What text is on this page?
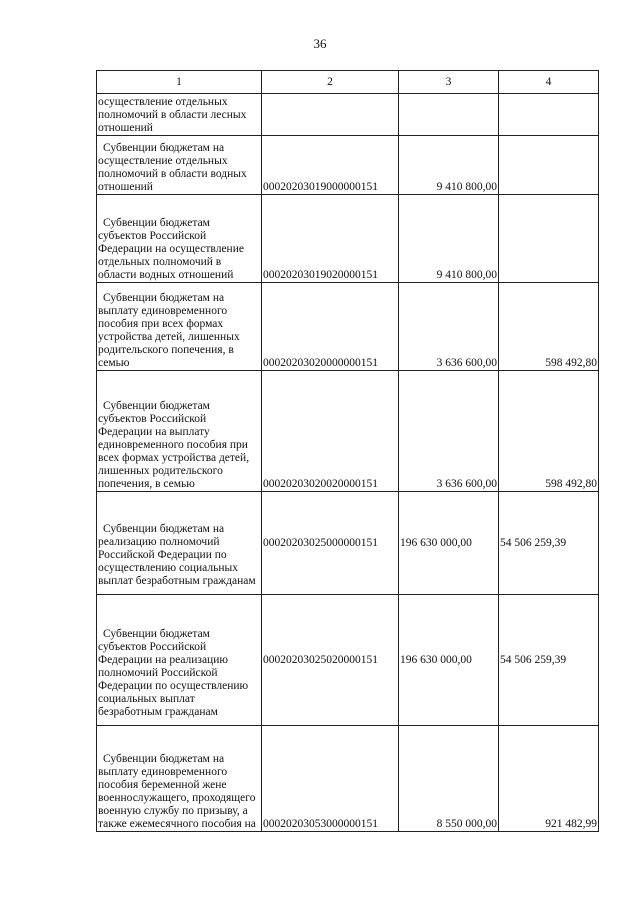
36
1	2	3	4

осуществление отдельных полномочий в области лесных отношений			

Субвенции бюджетам на осуществление отдельных полномочий в области водных отношений	00020203019000000151	9 410 800,00	

Субвенции бюджетам субъектов Российской Федерации на осуществление отдельных полномочий в области водных отношений	00020203019020000151	9 410 800,00	

Субвенции бюджетам на выплату единовременного пособия при всех формах устройства детей, лишенных родительского попечения, в семью	00020203020000000151	3 636 600,00	598 492,80

Субвенции бюджетам субъектов Российской Федерации на выплату единовременного пособия при всех формах устройства детей, лишенных родительского попечения, в семью	00020203020020000151	3 636 600,00	598 492,80

Субвенции бюджетам на реализацию полномочий Российской Федерации по осуществлению социальных выплат безработным гражданам	00020203025000000151	196 630 000,00	54 506 259,39

Субвенции бюджетам субъектов Российской Федерации на реализацию полномочий Российской Федерации по осуществлению социальных выплат безработным гражданам	00020203025020000151	196 630 000,00	54 506 259,39

Субвенции бюджетам на выплату единовременного пособия беременной жене военнослужащего, проходящего военную службу по призыву, а также ежемесячного пособия на	00020203053000000151	8 550 000,00	921 482,99
